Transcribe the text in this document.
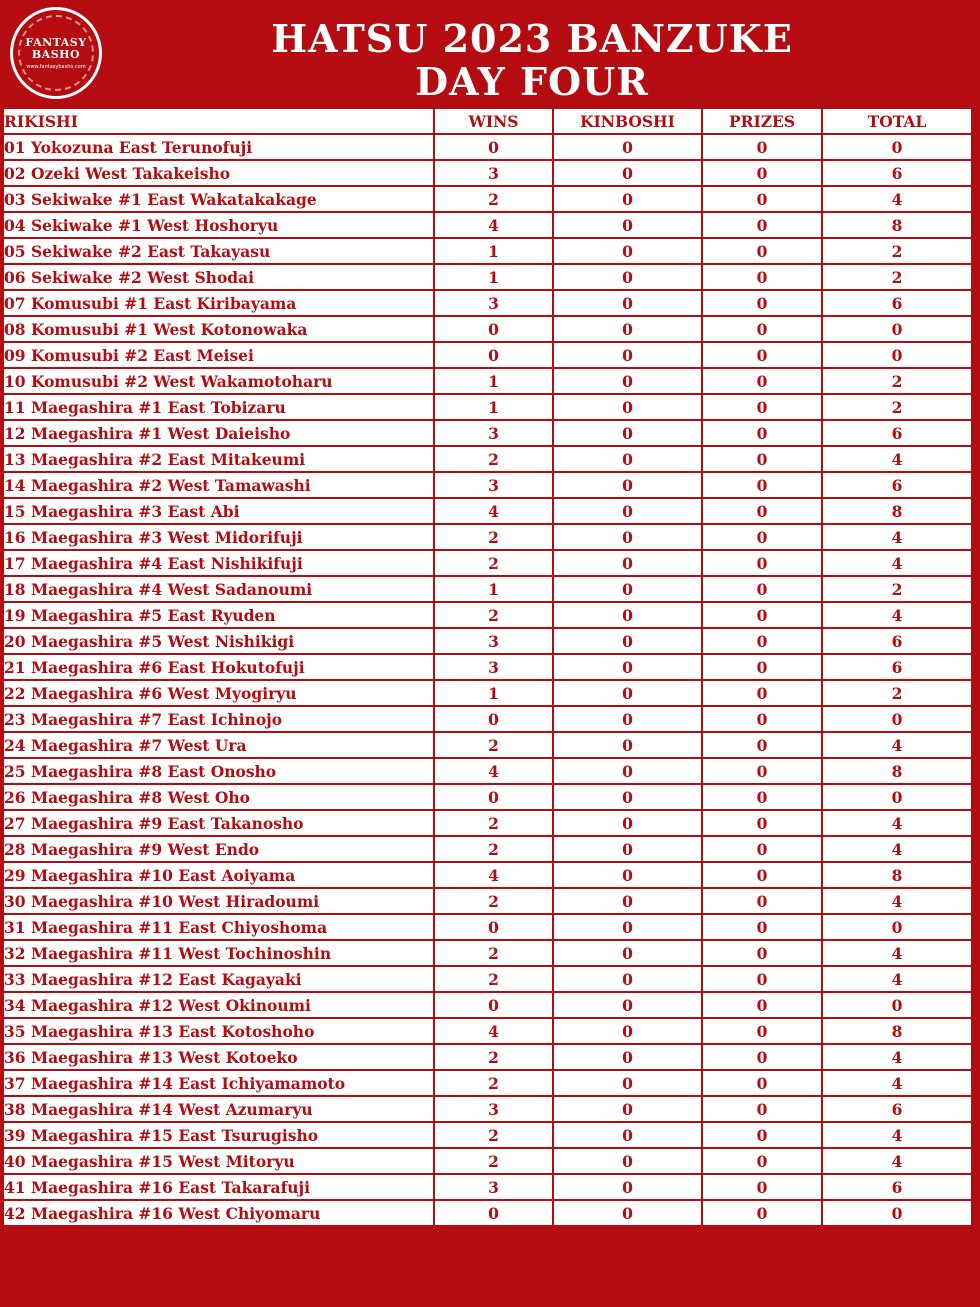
FANTASY
BASHO
www.fantasybasho.com
HATSU 2023 BANZUKE
DAY FOUR
RIKISHI	WINS	KINBOSHI	PRIZES	TOTAL
01 Yokozuna East Terunofuji	0	0	0	0
02 Ozeki West Takakeisho	3	0	0	6
03 Sekiwake #1 East Wakatakakage	2	0	0	4
04 Sekiwake #1 West Hoshoryu	4	0	0	8
05 Sekiwake #2 East Takayasu	1	0	0	2
06 Sekiwake #2 West Shodai	1	0	0	2
07 Komusubi #1 East Kiribayama	3	0	0	6
08 Komusubi #1 West Kotonowaka	0	0	0	0
09 Komusubi #2 East Meisei	0	0	0	0
10 Komusubi #2 West Wakamotoharu	1	0	0	2
11 Maegashira #1 East Tobizaru	1	0	0	2
12 Maegashira #1 West Daieisho	3	0	0	6
13 Maegashira #2 East Mitakeumi	2	0	0	4
14 Maegashira #2 West Tamawashi	3	0	0	6
15 Maegashira #3 East Abi	4	0	0	8
16 Maegashira #3 West Midorifuji	2	0	0	4
17 Maegashira #4 East Nishikifuji	2	0	0	4
18 Maegashira #4 West Sadanoumi	1	0	0	2
19 Maegashira #5 East Ryuden	2	0	0	4
20 Maegashira #5 West Nishikigi	3	0	0	6
21 Maegashira #6 East Hokutofuji	3	0	0	6
22 Maegashira #6 West Myogiryu	1	0	0	2
23 Maegashira #7 East Ichinojo	0	0	0	0
24 Maegashira #7 West Ura	2	0	0	4
25 Maegashira #8 East Onosho	4	0	0	8
26 Maegashira #8 West Oho	0	0	0	0
27 Maegashira #9 East Takanosho	2	0	0	4
28 Maegashira #9 West Endo	2	0	0	4
29 Maegashira #10 East Aoiyama	4	0	0	8
30 Maegashira #10 West Hiradoumi	2	0	0	4
31 Maegashira #11 East Chiyoshoma	0	0	0	0
32 Maegashira #11 West Tochinoshin	2	0	0	4
33 Maegashira #12 East Kagayaki	2	0	0	4
34 Maegashira #12 West Okinoumi	0	0	0	0
35 Maegashira #13 East Kotoshoho	4	0	0	8
36 Maegashira #13 West Kotoeko	2	0	0	4
37 Maegashira #14 East Ichiyamamoto	2	0	0	4
38 Maegashira #14 West Azumaryu	3	0	0	6
39 Maegashira #15 East Tsurugisho	2	0	0	4
40 Maegashira #15 West Mitoryu	2	0	0	4
41 Maegashira #16 East Takarafuji	3	0	0	6
42 Maegashira #16 West Chiyomaru	0	0	0	0
